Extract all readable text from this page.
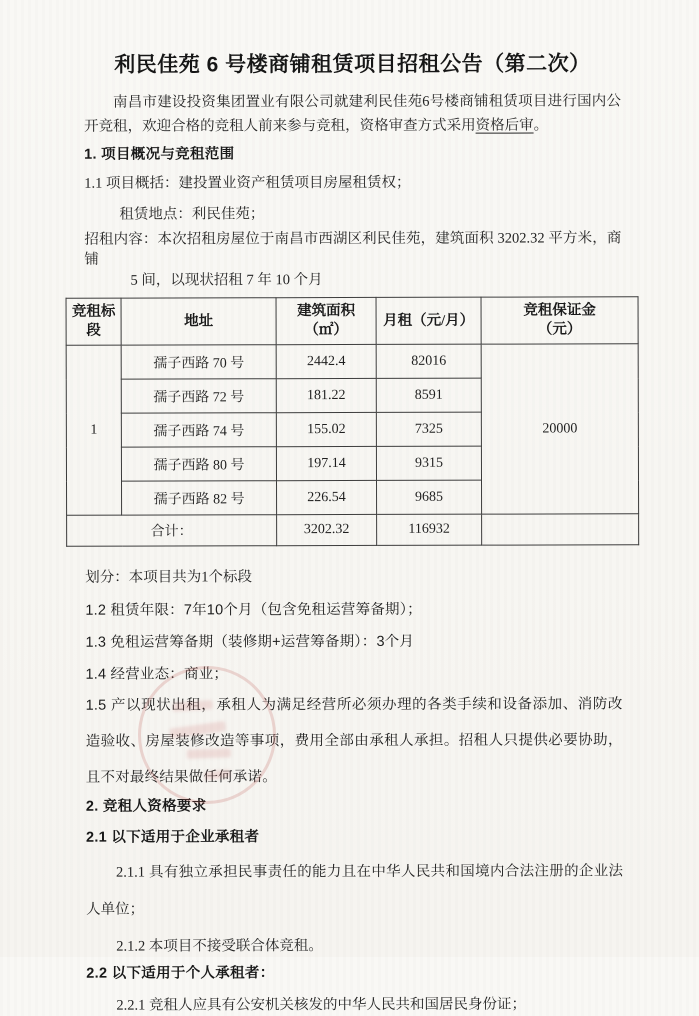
利民佳苑 6 号楼商铺租赁项目招租公告（第二次）

南昌市建设投资集团置业有限公司就建利民佳苑6号楼商铺租赁项目进行国内公开竞租，欢迎合格的竞租人前来参与竞租，资格审查方式采用资格后审。

1. 项目概况与竞租范围

1.1 项目概括：建投置业资产租赁项目房屋租赁权；

租赁地点：利民佳苑；

招租内容：本次招租房屋位于南昌市西湖区利民佳苑，建筑面积 3202.32 平方米，商铺

5 间，以现状招租 7 年 10 个月

竞租标段	地址	建筑面积（㎡）	月租（元/月）	竞租保证金
（元）

1	孺子西路 70 号	2442.4	82016	20000
	孺子西路 72 号	181.22	8591	
	孺子西路 74 号	155.02	7325	
	孺子西路 80 号	197.14	9315	
	孺子西路 82 号	226.54	9685	
合计：		3202.32	116932	

划分：本项目共为1个标段

1.2 租赁年限：7年10个月（包含免租运营筹备期）；

1.3 免租运营筹备期（装修期+运营筹备期）：3个月

1.4 经营业态：商业；

1.5 产以现状出租，承租人为满足经营所必须办理的各类手续和设备添加、消防改造验收、房屋装修改造等事项，费用全部由承租人承担。招租人只提供必要协助，且不对最终结果做任何承诺。

2. 竞租人资格要求

2.1 以下适用于企业承租者

2.1.1 具有独立承担民事责任的能力且在中华人民共和国境内合法注册的企业法人单位；

2.1.2 本项目不接受联合体竞租。

2.2 以下适用于个人承租者：

2.2.1 竞租人应具有公安机关核发的中华人民共和国居民身份证；
